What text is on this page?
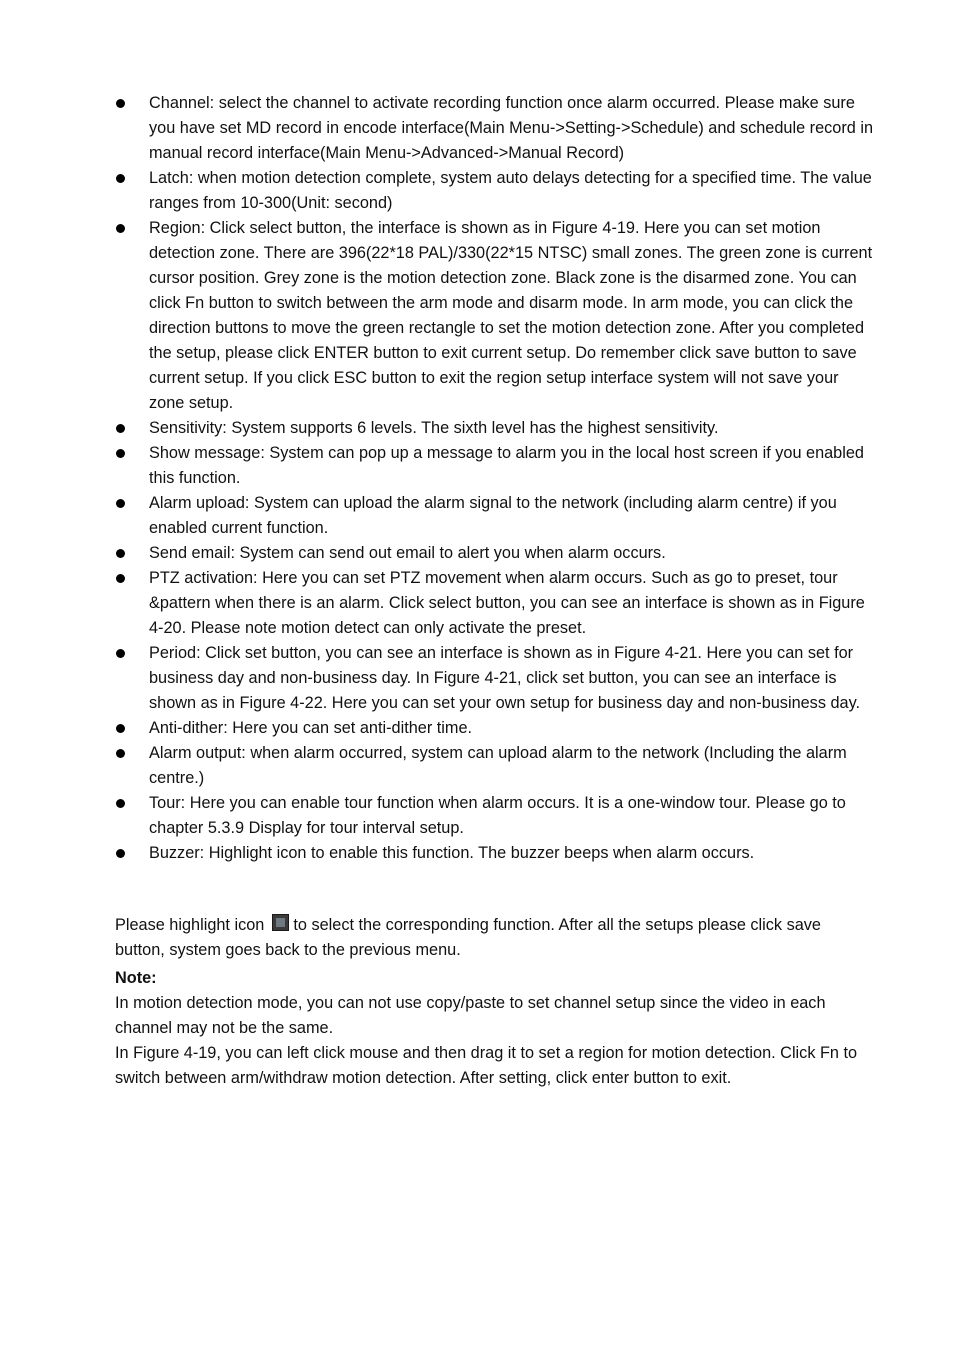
Channel: select the channel to activate recording function once alarm occurred. Please make sure you have set MD record in encode interface(Main Menu->Setting->Schedule) and schedule record in manual record interface(Main Menu->Advanced->Manual Record)
Latch: when motion detection complete, system auto delays detecting for a specified time. The value ranges from 10-300(Unit: second)
Region: Click select button, the interface is shown as in Figure 4-19. Here you can set motion detection zone. There are 396(22*18 PAL)/330(22*15 NTSC) small zones. The green zone is current cursor position. Grey zone is the motion detection zone. Black zone is the disarmed zone. You can click Fn button to switch between the arm mode and disarm mode. In arm mode, you can click the direction buttons to move the green rectangle to set the motion detection zone. After you completed the setup, please click ENTER button to exit current setup. Do remember click save button to save current setup. If you click ESC button to exit the region setup interface system will not save your zone setup.
Sensitivity: System supports 6 levels. The sixth level has the highest sensitivity.
Show message: System can pop up a message to alarm you in the local host screen if you enabled this function.
Alarm upload: System can upload the alarm signal to the network (including alarm centre) if you enabled current function.
Send email: System can send out email to alert you when alarm occurs.
PTZ activation: Here you can set PTZ movement when alarm occurs. Such as go to preset, tour &pattern when there is an alarm. Click select button, you can see an interface is shown as in Figure 4-20. Please note motion detect can only activate the preset.
Period: Click set button, you can see an interface is shown as in Figure 4-21. Here you can set for business day and non-business day. In Figure 4-21, click set button, you can see an interface is shown as in Figure 4-22. Here you can set your own setup for business day and non-business day.
Anti-dither: Here you can set anti-dither time.
Alarm output: when alarm occurred, system can upload alarm to the network (Including the alarm centre.)
Tour: Here you can enable tour function when alarm occurs. It is a one-window tour. Please go to chapter 5.3.9 Display for tour interval setup.
Buzzer: Highlight icon to enable this function. The buzzer beeps when alarm occurs.

Please highlight icon to select the corresponding function. After all the setups please click save button, system goes back to the previous menu.

Note:

In motion detection mode, you can not use copy/paste to set channel setup since the video in each channel may not be the same.

In Figure 4-19, you can left click mouse and then drag it to set a region for motion detection. Click Fn to switch between arm/withdraw motion detection. After setting, click enter button to exit.
